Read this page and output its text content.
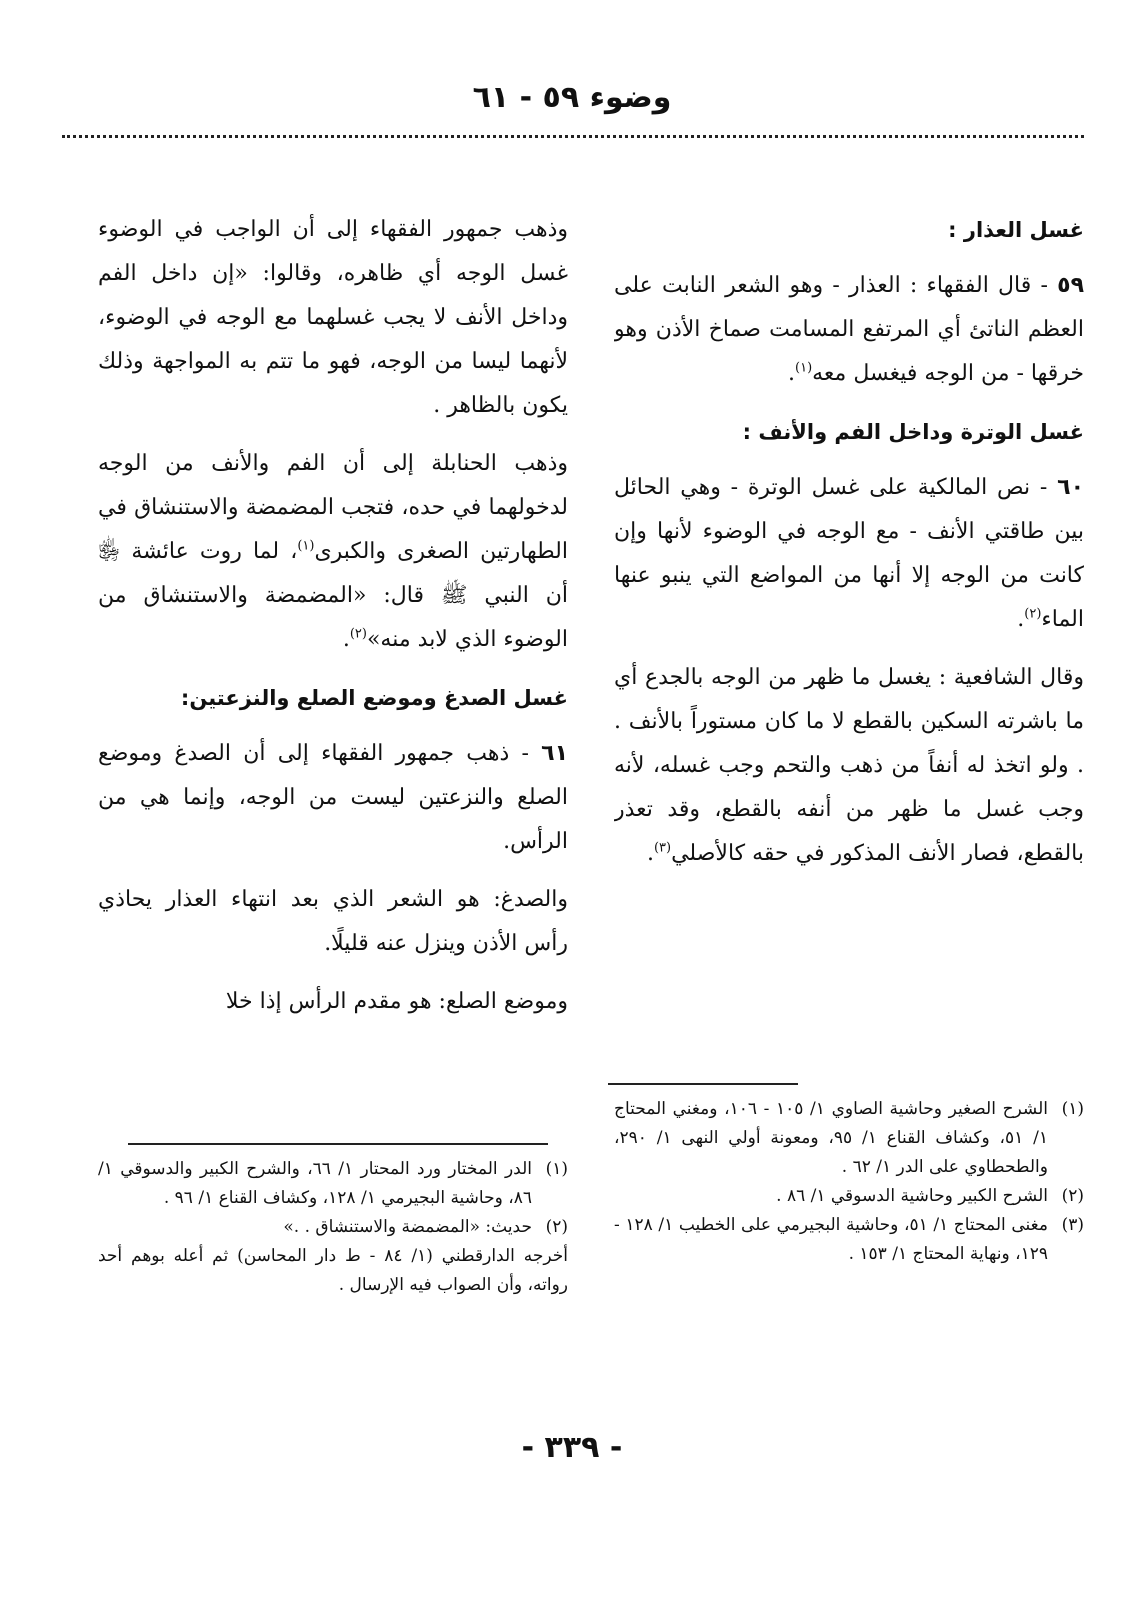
وضوء ٥٩ - ٦١
غسل العذار :

٥٩ - قال الفقهاء : العذار - وهو الشعر النابت على العظم الناتئ أي المرتفع المسامت صماخ الأذن وهو خرقها - من الوجه فيغسل معه$^{(١)}$.

غسل الوترة وداخل الفم والأنف :

٦٠ - نص المالكية على غسل الوترة - وهي الحائل بين طاقتي الأنف - مع الوجه في الوضوء لأنها وإن كانت من الوجه إلا أنها من المواضع التي ينبو عنها الماء$^{(٢)}$.

وقال الشافعية : يغسل ما ظهر من الوجه بالجدع أي ما باشرته السكين بالقطع لا ما كان مستوراً بالأنف . . ولو اتخذ له أنفاً من ذهب والتحم وجب غسله، لأنه وجب غسل ما ظهر من أنفه بالقطع، وقد تعذر بالقطع، فصار الأنف المذكور في حقه كالأصلي$^{(٣)}$.

(١)
الشرح الصغير وحاشية الصاوي ١/ ١٠٥ - ١٠٦، ومغني المحتاج ١/ ٥١، وكشاف القناع ١/ ٩٥، ومعونة أولي النهى ١/ ٢٩٠، والطحطاوي على الدر ١/ ٦٢ .

(٢)
الشرح الكبير وحاشية الدسوقي ١/ ٨٦ .

(٣)
مغنى المحتاج ١/ ٥١، وحاشية البجيرمي على الخطيب ١/ ١٢٨ - ١٢٩، ونهاية المحتاج ١/ ١٥٣ .

وذهب جمهور الفقهاء إلى أن الواجب في الوضوء غسل الوجه أي ظاهره، وقالوا: «إن داخل الفم وداخل الأنف لا يجب غسلهما مع الوجه في الوضوء، لأنهما ليسا من الوجه، فهو ما تتم به المواجهة وذلك يكون بالظاهر .

وذهب الحنابلة إلى أن الفم والأنف من الوجه لدخولهما في حده، فتجب المضمضة والاستنشاق في الطهارتين الصغرى والكبرى$^{(١)}$، لما روت عائشة ﵂ أن النبي ﷺ قال: «المضمضة والاستنشاق من الوضوء الذي لابد منه»$^{(٢)}$.

غسل الصدغ وموضع الصلع والنزعتين:

٦١ - ذهب جمهور الفقهاء إلى أن الصدغ وموضع الصلع والنزعتين ليست من الوجه، وإنما هي من الرأس.

والصدغ: هو الشعر الذي بعد انتهاء العذار يحاذي رأس الأذن وينزل عنه قليلًا.

وموضع الصلع: هو مقدم الرأس إذا خلا

(١)
الدر المختار ورد المحتار ١/ ٦٦، والشرح الكبير والدسوقي ١/ ٨٦، وحاشية البجيرمي ١/ ١٢٨، وكشاف القناع ١/ ٩٦ .

(٢)
حديث: «المضمضة والاستنشاق . .»

أخرجه الدارقطني (١/ ٨٤ - ط دار المحاسن) ثم أعله بوهم أحد رواته، وأن الصواب فيه الإرسال .

- ٣٣٩ -
